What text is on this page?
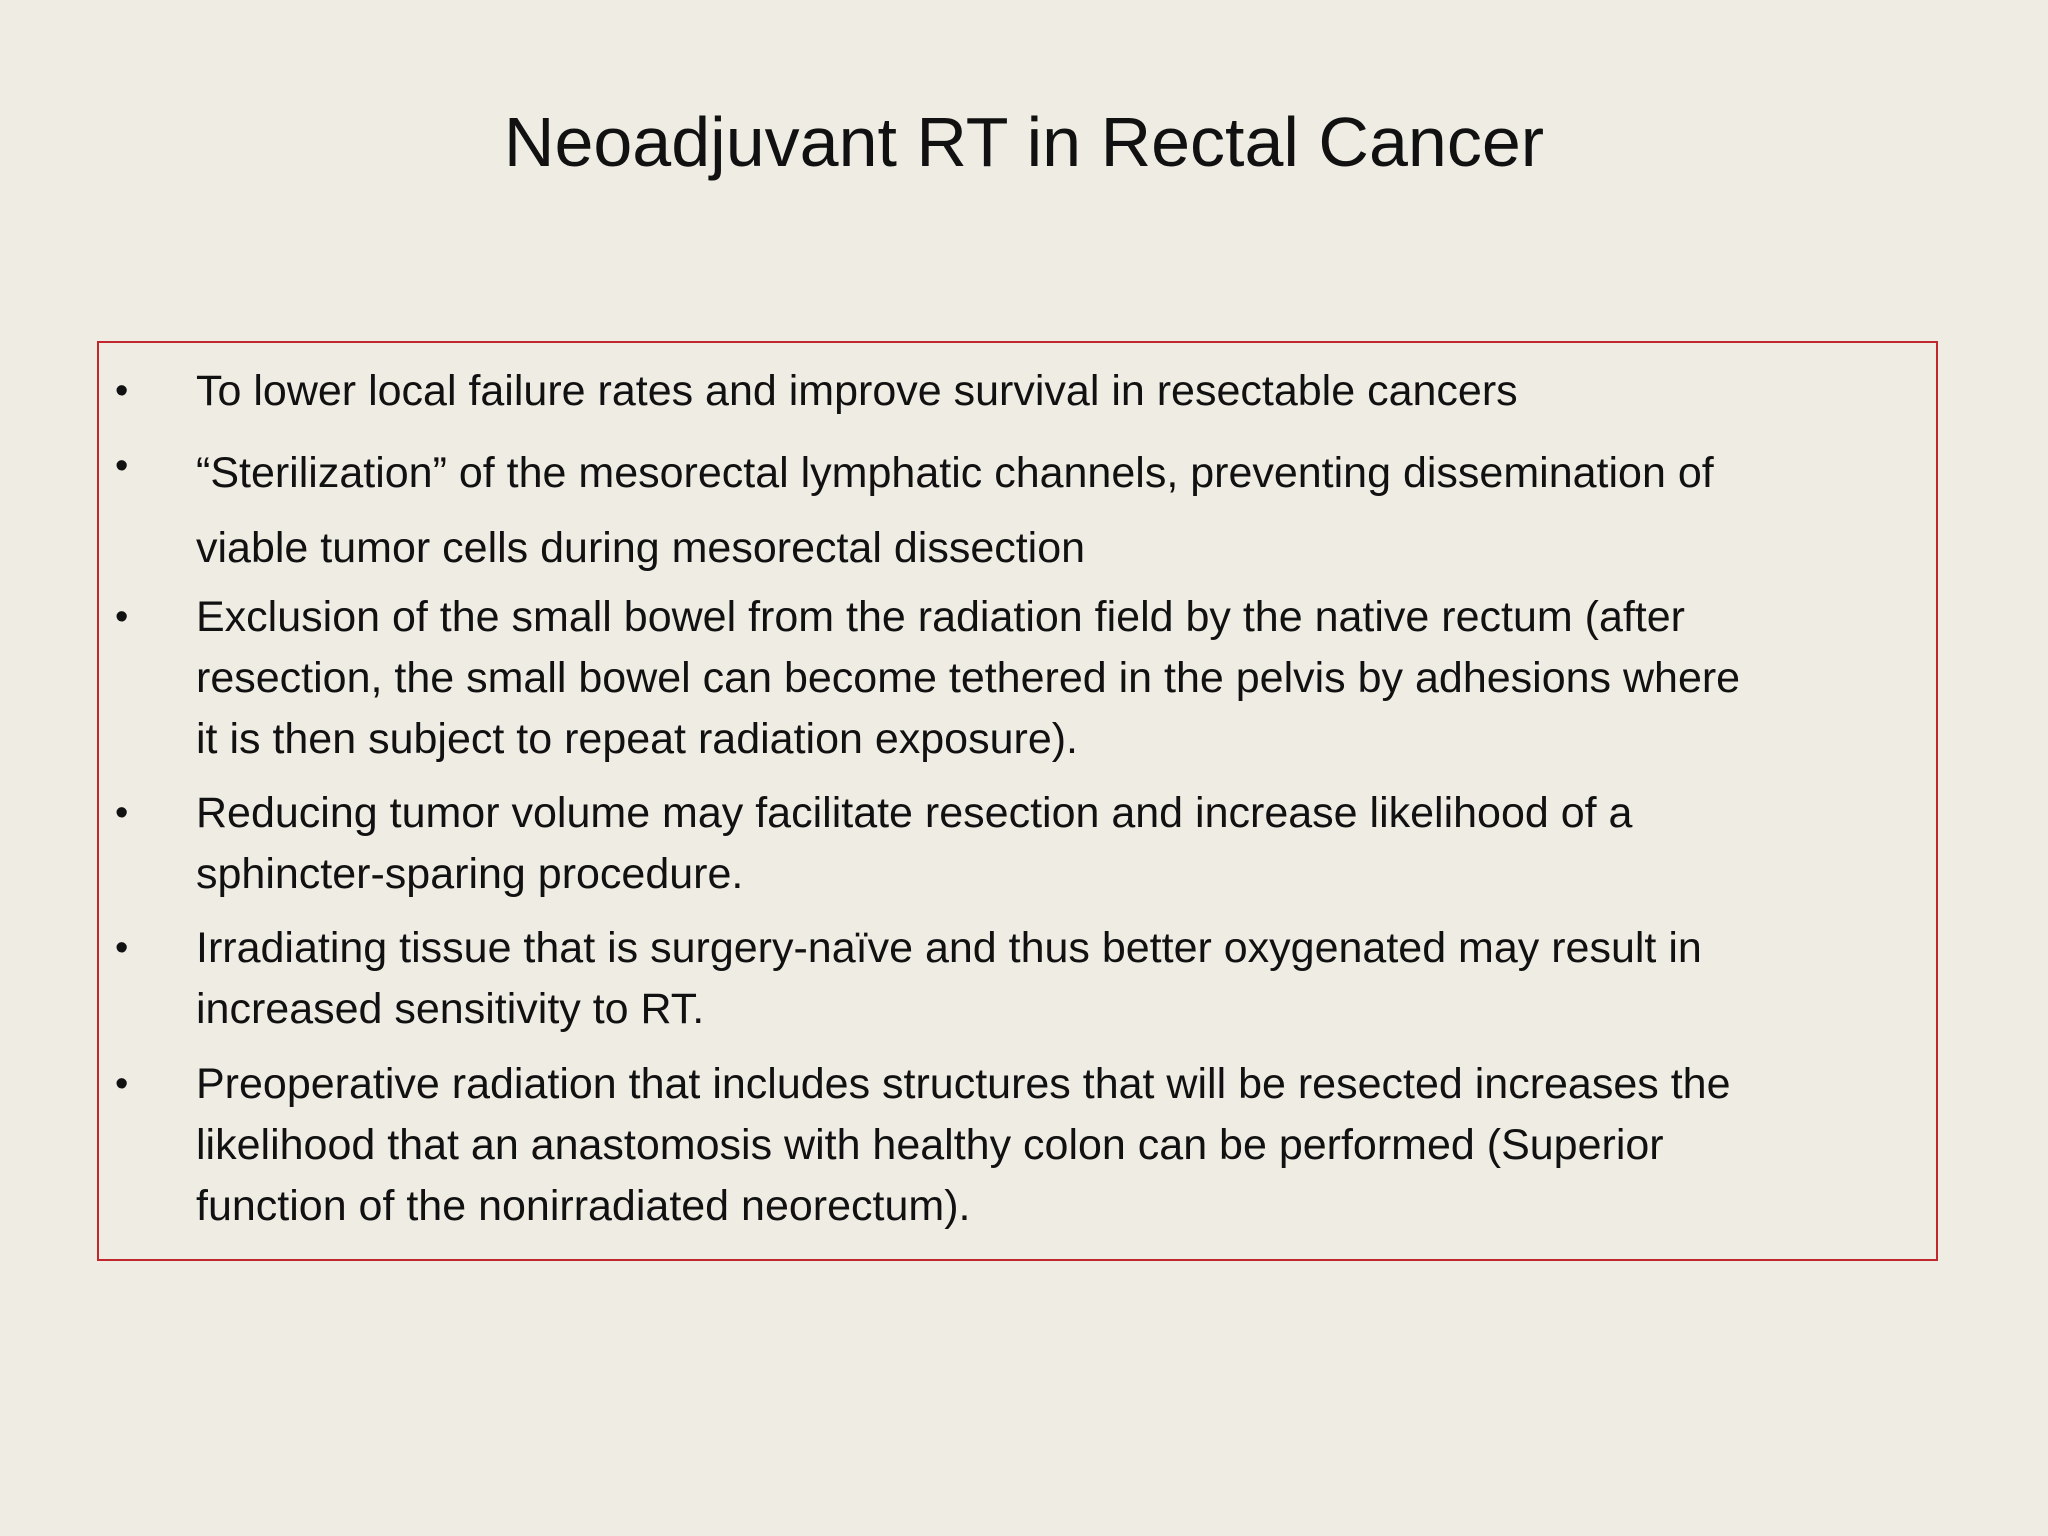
Neoadjuvant RT in Rectal Cancer
• To lower local failure rates and improve survival in resectable cancers
• “Sterilization” of the mesorectal lymphatic channels, preventing dissemination of
viable tumor cells during mesorectal dissection
• Exclusion of the small bowel from the radiation field by the native rectum (after
resection, the small bowel can become tethered in the pelvis by adhesions where
it is then subject to repeat radiation exposure).
• Reducing tumor volume may facilitate resection and increase likelihood of a
sphincter-sparing procedure.
• Irradiating tissue that is surgery-naïve and thus better oxygenated may result in
increased sensitivity to RT.
• Preoperative radiation that includes structures that will be resected increases the
likelihood that an anastomosis with healthy colon can be performed (Superior
function of the nonirradiated neorectum).
